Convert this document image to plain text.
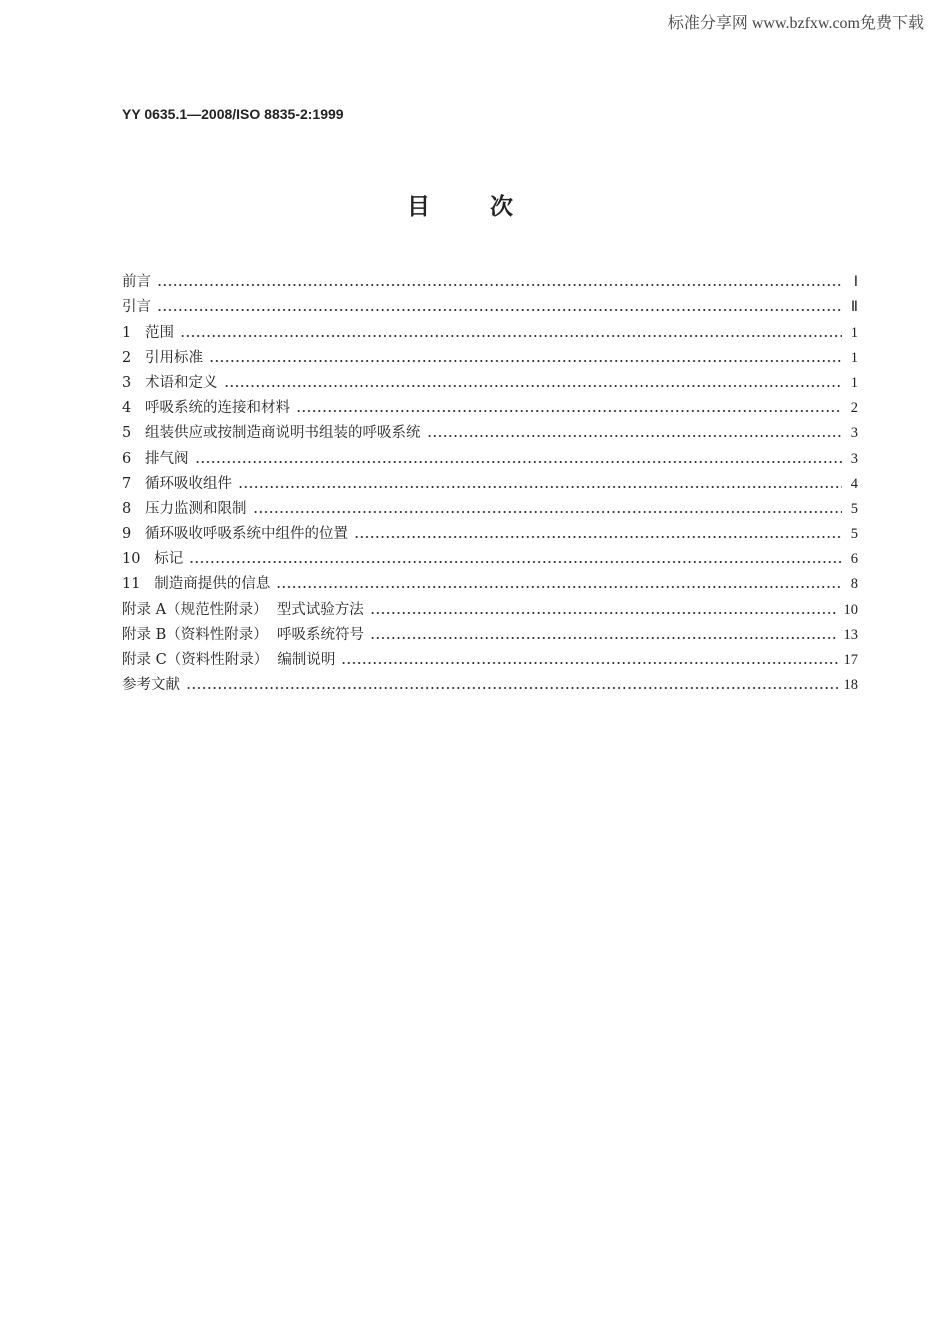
标准分享网 www.bzfxw.com免费下载
YY 0635.1—2008/ISO 8835-2:1999
目次
前言	Ⅰ
引言	Ⅱ
1   范围	1
2   引用标准	1
3   术语和定义	1
4   呼吸系统的连接和材料	2
5   组装供应或按制造商说明书组装的呼吸系统	3
6   排气阀	3
7   循环吸收组件	4
8   压力监测和限制	5
9   循环吸收呼吸系统中组件的位置	5
10   标记	6
11   制造商提供的信息	8
附录 A（规范性附录）  型式试验方法	10
附录 B（资料性附录）  呼吸系统符号	13
附录 C（资料性附录）  编制说明	17
参考文献	18
